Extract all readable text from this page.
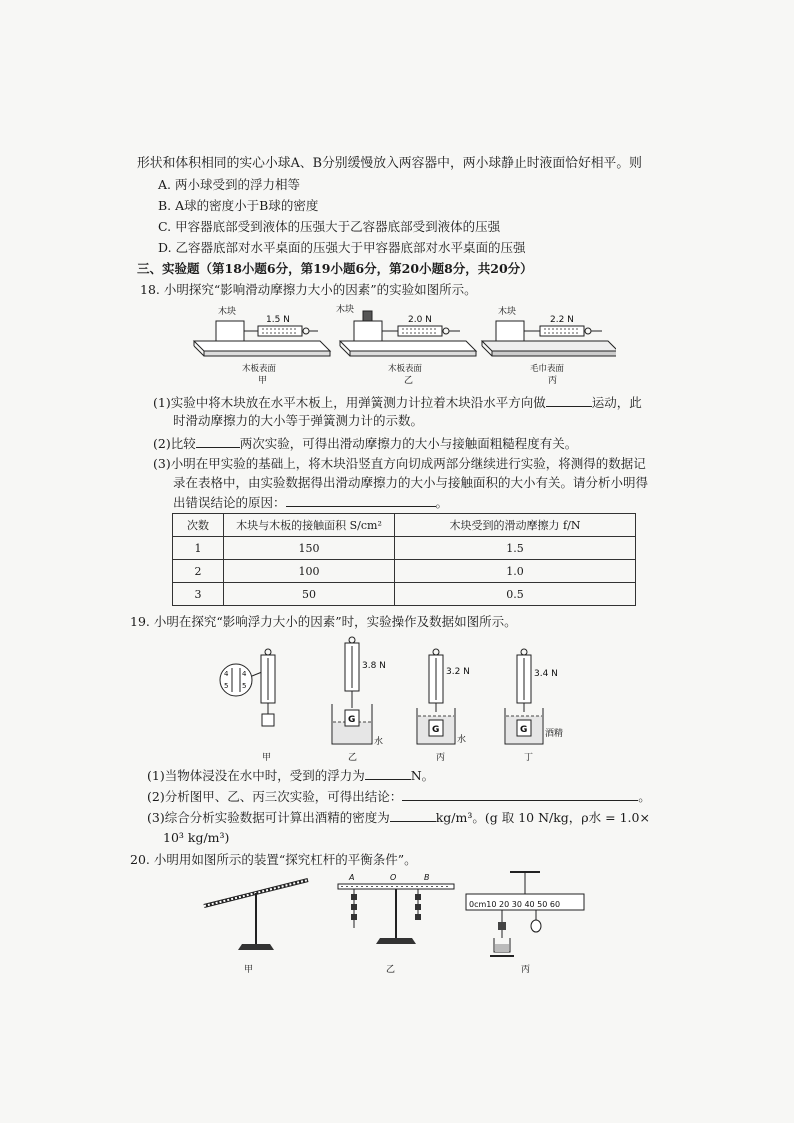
形状和体积相同的实心小球A、B分别缓慢放入两容器中，两小球静止时液面恰好相平。则
A. 两小球受到的浮力相等
B. A球的密度小于B球的密度
C. 甲容器底部受到液体的压强大于乙容器底部受到液体的压强
D. 乙容器底部对水平桌面的压强大于甲容器底部对水平桌面的压强
三、实验题（第18小题6分，第19小题6分，第20小题8分，共20分）
18. 小明探究“影响滑动摩擦力大小的因素”的实验如图所示。
木块
1.5 N
木板表面
甲
木块
2.0 N
木板表面
乙
木块
2.2 N
毛巾表面
丙
(1)实验中将木块放在水平木板上，用弹簧测力计拉着木块沿水平方向做	运动，此
时滑动摩擦力的大小等于弹簧测力计的示数。
(2)比较	两次实验，可得出滑动摩擦力的大小与接触面粗糙程度有关。
(3)小明在甲实验的基础上，将木块沿竖直方向切成两部分继续进行实验，将测得的数据记
录在表格中，由实验数据得出滑动摩擦力的大小与接触面积的大小有关。请分析小明得
出错误结论的原因：	。
次数	木块与木板的接触面积 S/cm²	木块受到的滑动摩擦力 f/N
1	150	1.5
2	100	1.0
3	50	0.5
19. 小明在探究“影响浮力大小的因素”时，实验操作及数据如图所示。
4
5
4
5
甲
3.8 N
G
水
乙
3.2 N
G
水
丙
3.4 N
G 酒精
丁
(1)当物体浸没在水中时，受到的浮力为	N。
(2)分析图甲、乙、丙三次实验，可得出结论：	。
(3)综合分析实验数据可计算出酒精的密度为	kg/m³。(g 取 10 N/kg，ρ水 = 1.0×
10³ kg/m³)
20. 小明用如图所示的装置“探究杠杆的平衡条件”。
甲
A	O	B
乙
0cm10 20 30 40 50 60
丙
